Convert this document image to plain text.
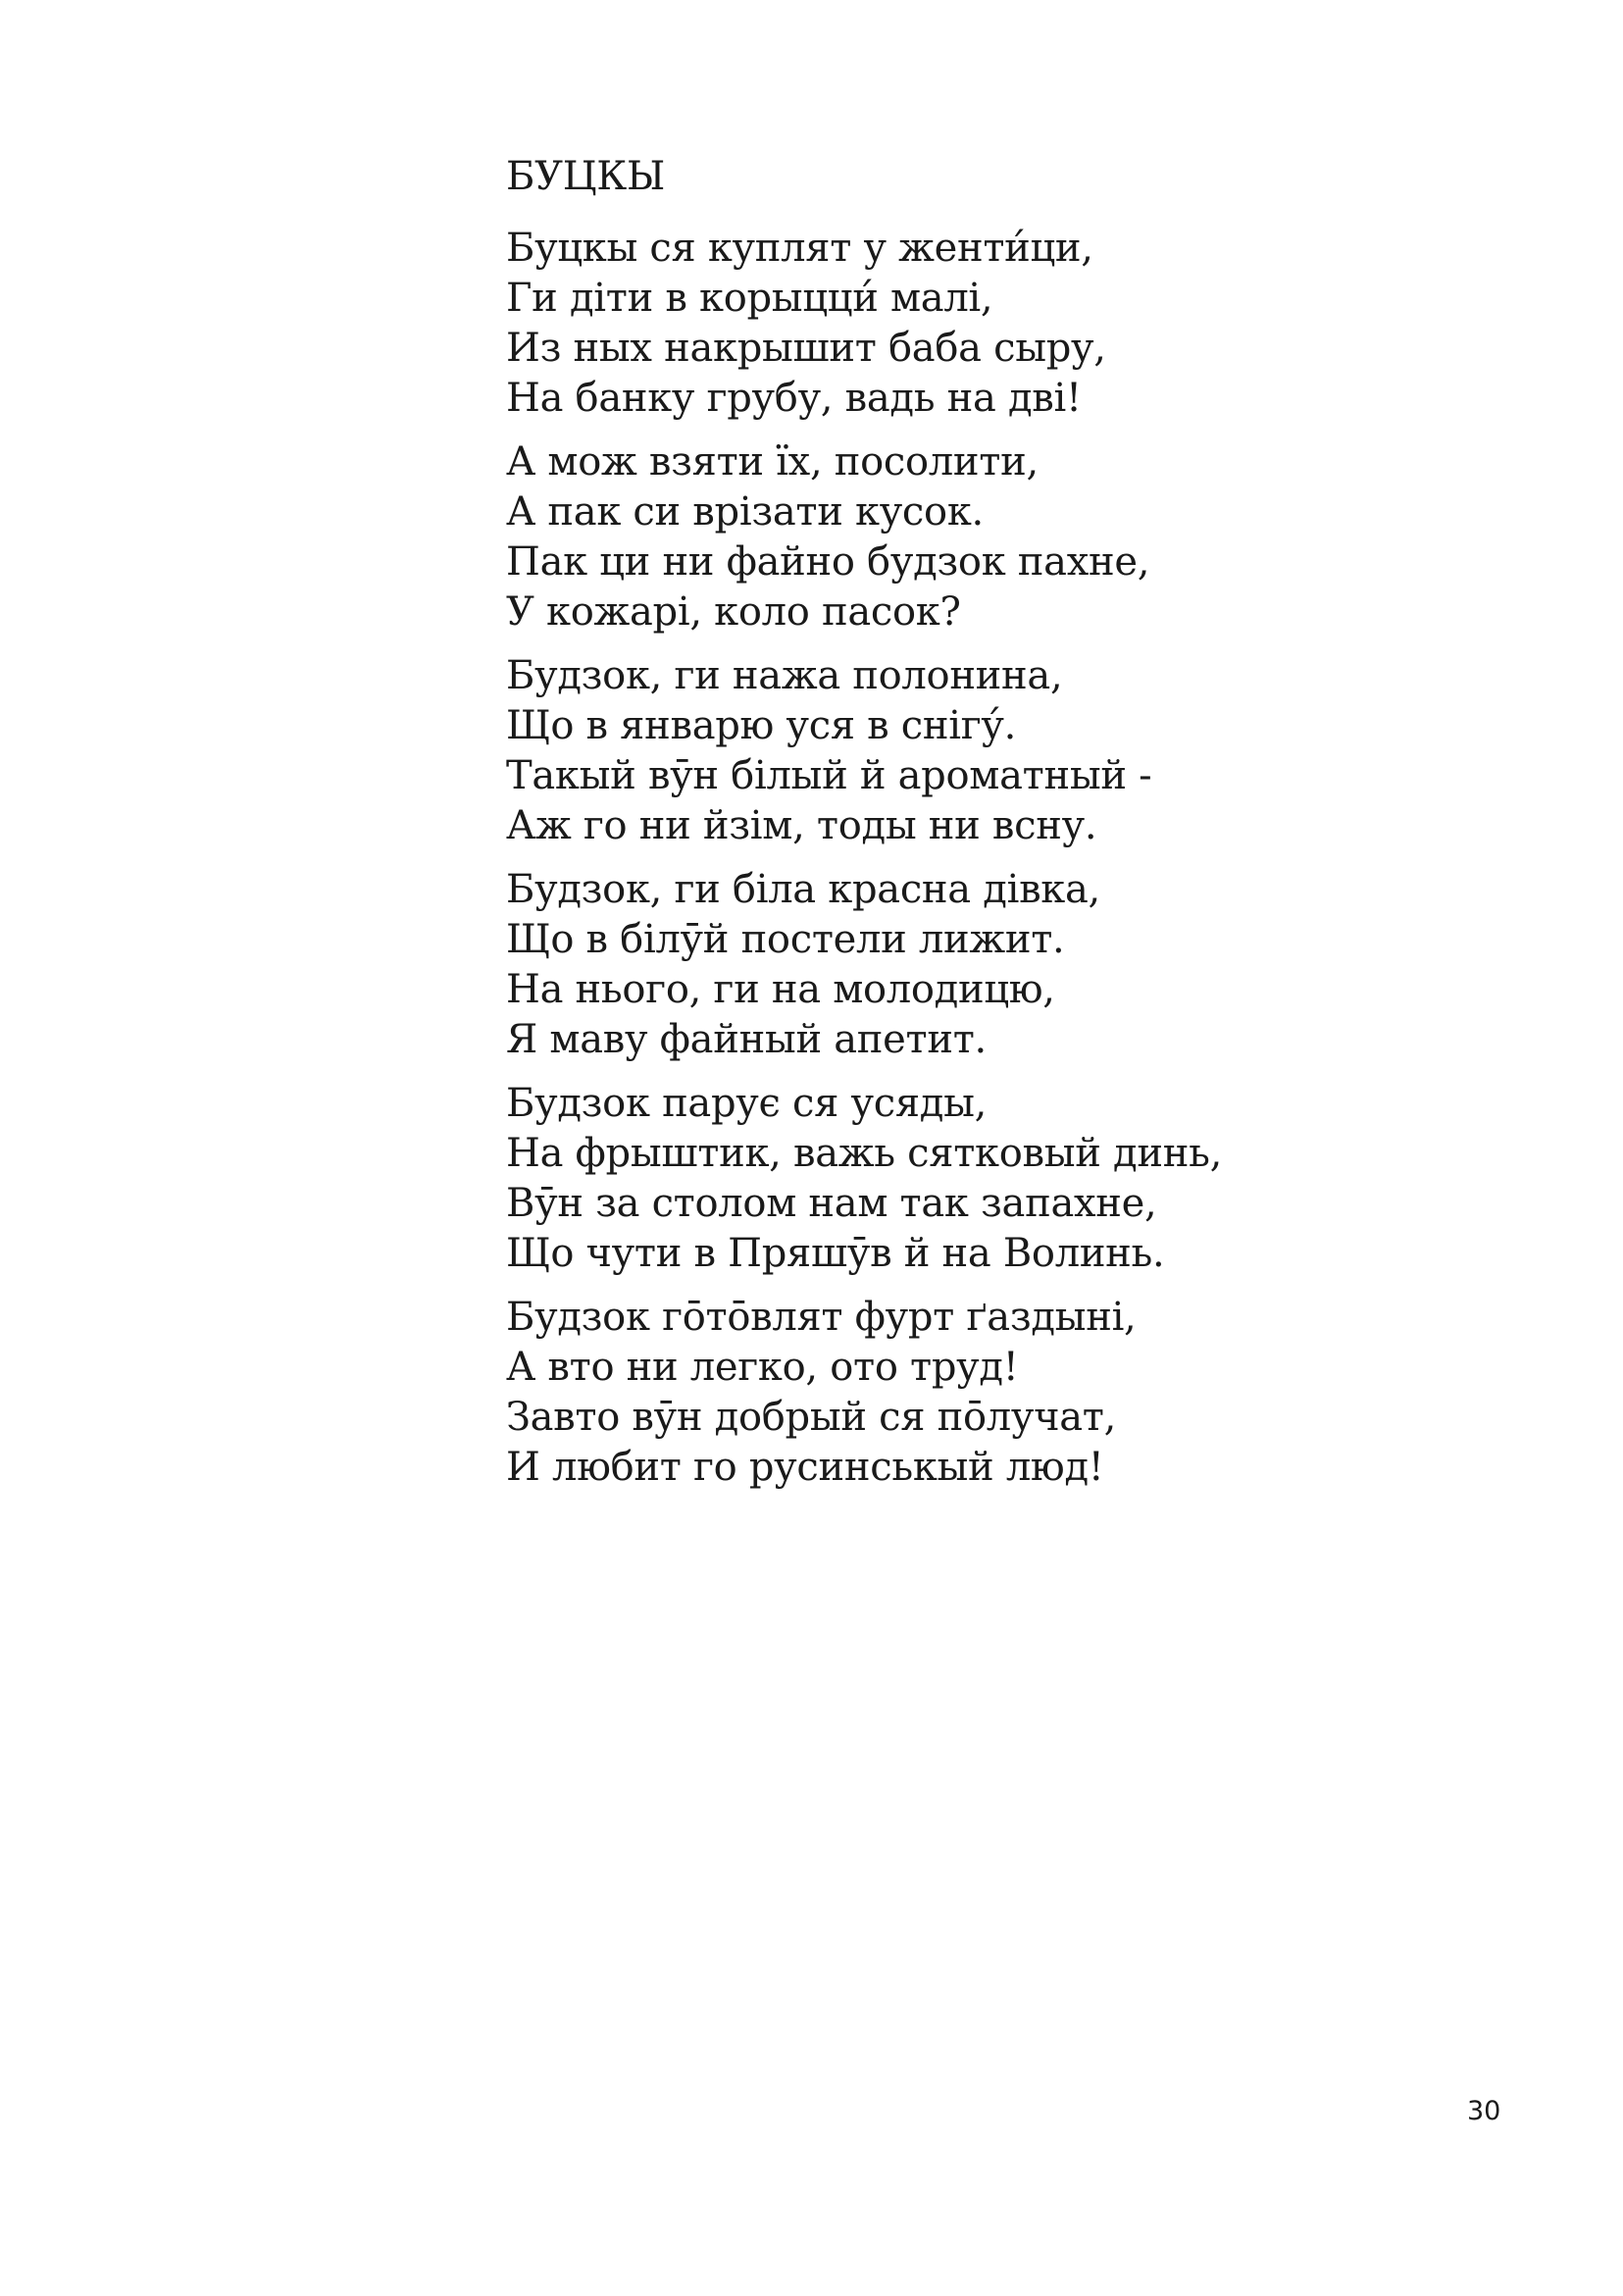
БУЦКЫ
Буцкы ся куплят у женти́ци,
Ги діти в корыцци́ малі,
Из ных накрышит баба сыру,
На банку грубу, вадь на дві!
А мож взяти їх, посолити,
А пак си врізати кусок.
Пак ци ни файно будзок пахне,
У кожарі, коло пасок?
Будзок, ги нажа полонина,
Що в январю уся в снігу́.
Такый вӯн білый й ароматный -
Аж го ни йзім, тоды ни всну.
Будзок, ги біла красна дівка,
Що в білӯй постели лижит.
На нього, ги на молодицю,
Я маву файный апетит.
Будзок парує ся усяды,
На фрыштик, важь сятковый динь,
Вӯн за столом нам так запахне,
Що чути в Пряшӯв й на Волинь.
Будзок гōтōвлят фурт ґаздыні,
А вто ни легко, ото труд!
Завто вӯн добрый ся пōлучат,
И любит го русинськый люд!
30
